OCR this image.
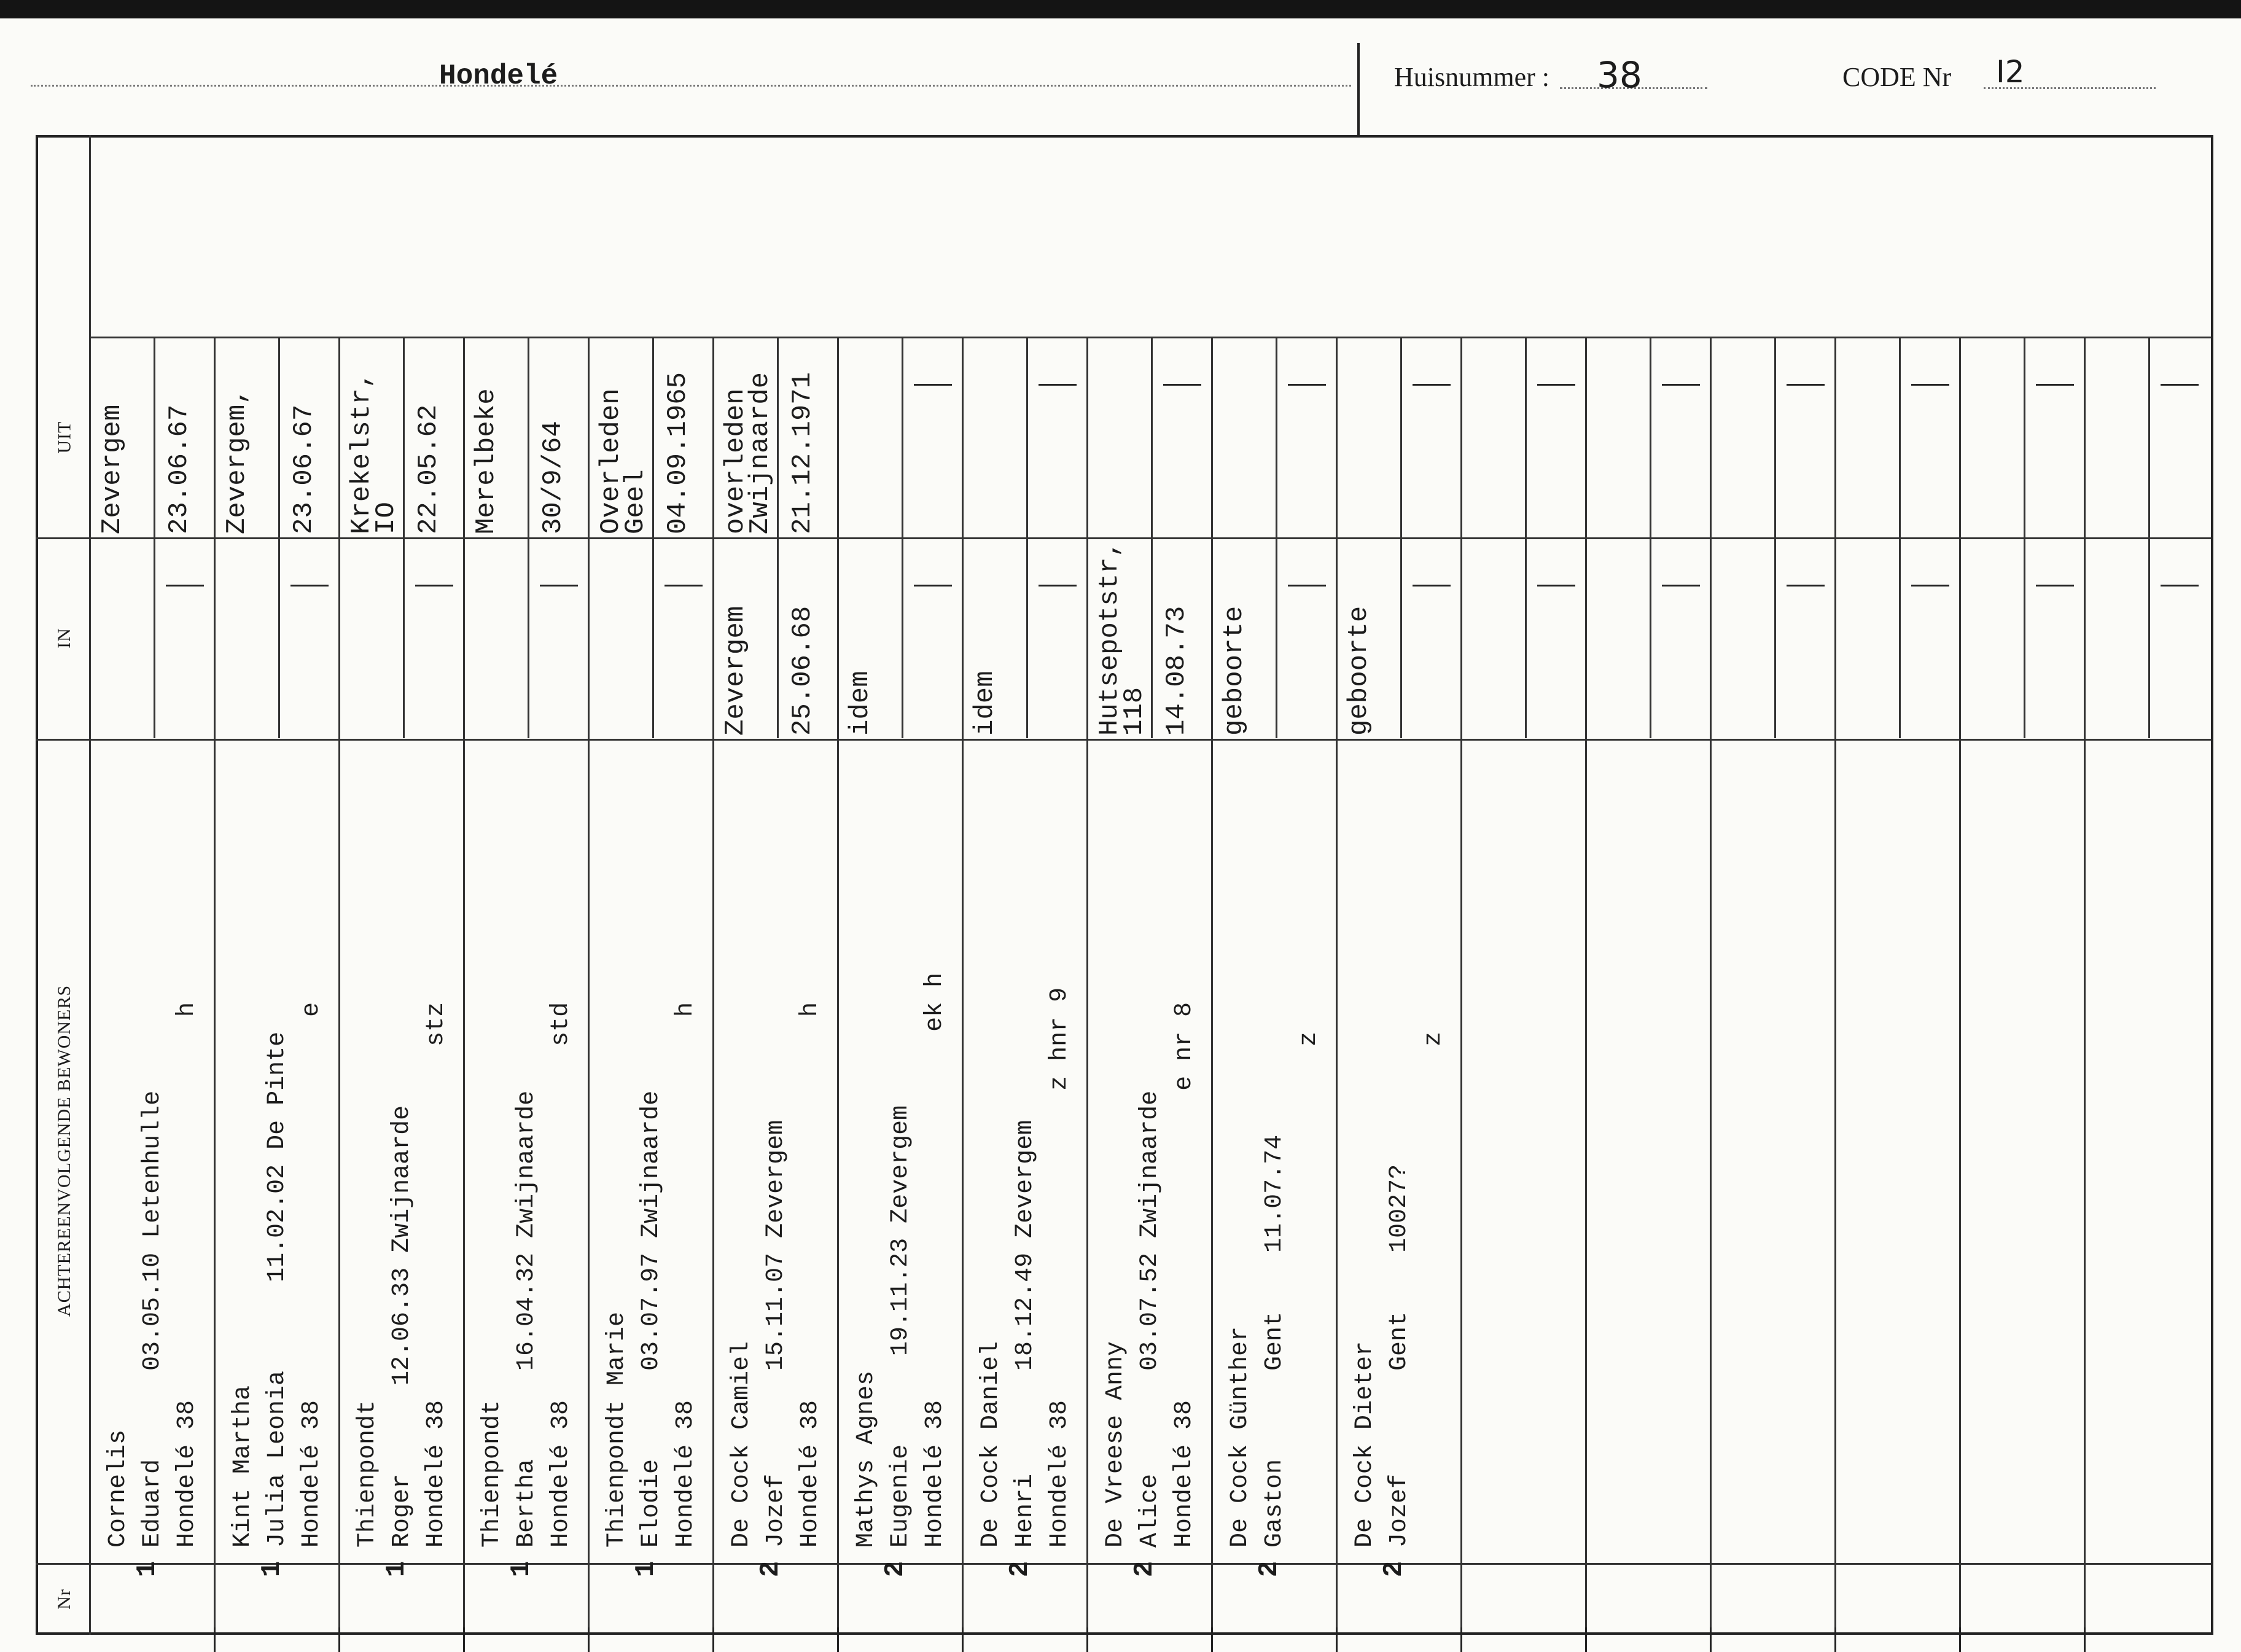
Hondelé	Huisnummer : 38	CODE Nr I2
UIT
IN
ACHTEREENVOLGENDE BEWONERS
Nr
Cornelis Eduard      03.05.10 Letenhulle Hondelé 38                          h
1
Zevergem 23.06.67
Kint Martha Julia Leonia      11.02.02 De Pinte Hondelé 38                          e
1
Zevergem, 23.06.67
Thienpondt Roger      12.06.33 Zwijnaarde Hondelé 38                        stz
1
Krekelstr,
IO 22.05.62
Thienpondt Bertha      16.04.32 Zwijnaarde Hondelé 38                        std
1
Merelbeke 30/9/64
Thienpondt Marie Elodie      03.07.97 Zwijnaarde Hondelé 38                          h
1
Overleden
Geel 04.09.1965
De Cock Camiel Jozef       15.11.07 Zevergem Hondelé 38                          h
2
overleden
Zwijnaarde 21.12.1971
Zevergem 25.06.68
Mathys Agnes Eugenie      19.11.23 Zevergem Hondelé 38                         ek h
2
idem
De Cock Daniel Henri       18.12.49 Zevergem Hondelé 38                     z hnr 9
2
idem
De Vreese Anny Alice       03.07.52 Zwijnaarde Hondelé 38                     e nr 8
2
Hutsepotstr,
118 14.08.73
De Cock Günther Gaston      Gent    11.07.74 z
2
geboorte
De Cock Dieter Jozef       Gent    10027? z
2
geboorte
